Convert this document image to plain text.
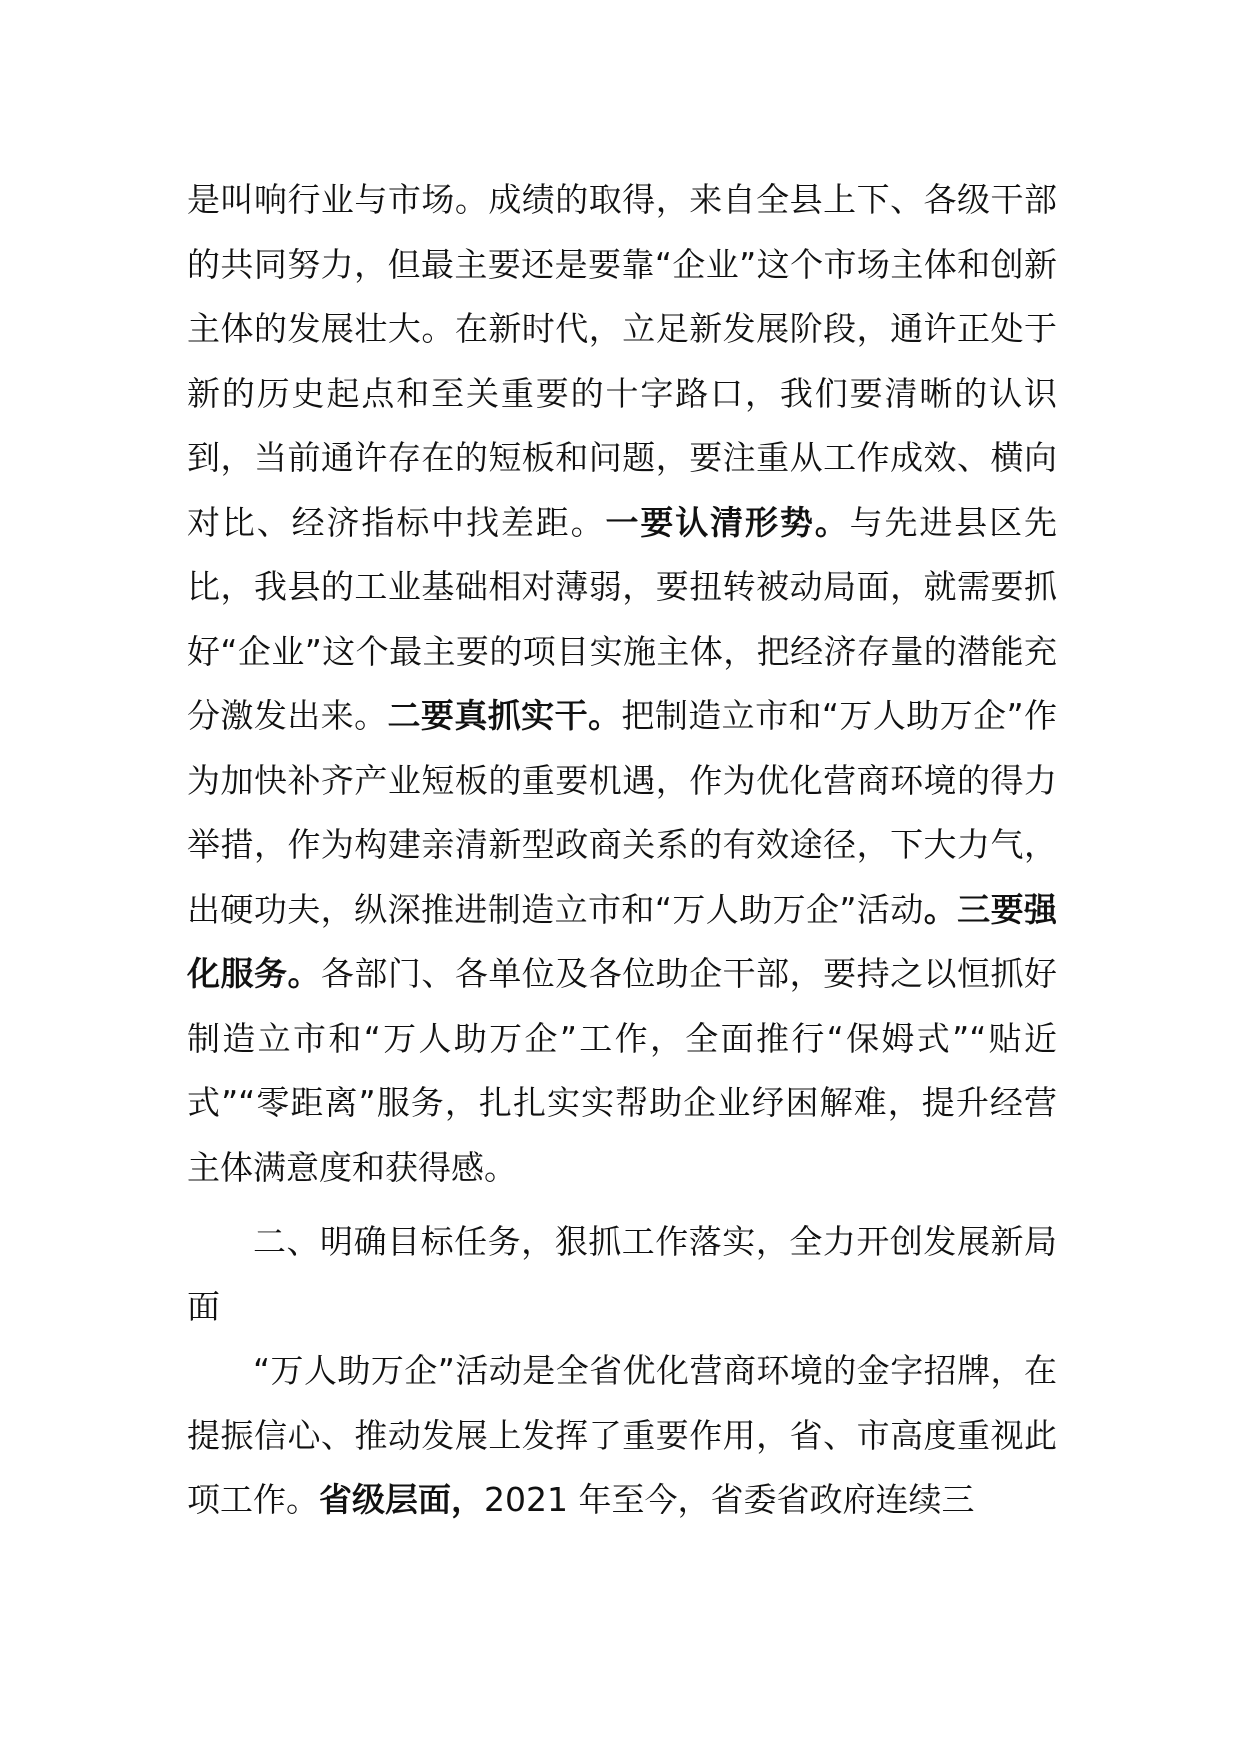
是叫响行业与市场。成绩的取得，来自全县上下、各级干部的共同努力，但最主要还是要靠“企业”这个市场主体和创新主体的发展壮大。在新时代，立足新发展阶段，通许正处于新的历史起点和至关重要的十字路口，我们要清晰的认识到，当前通许存在的短板和问题，要注重从工作成效、横向对比、经济指标中找差距。一要认清形势。与先进县区先比，我县的工业基础相对薄弱，要扭转被动局面，就需要抓好“企业”这个最主要的项目实施主体，把经济存量的潜能充分激发出来。二要真抓实干。把制造立市和“万人助万企”作为加快补齐产业短板的重要机遇，作为优化营商环境的得力举措，作为构建亲清新型政商关系的有效途径，下大力气，出硬功夫，纵深推进制造立市和“万人助万企”活动。三要强化服务。各部门、各单位及各位助企干部，要持之以恒抓好制造立市和“万人助万企”工作，全面推行“保姆式”“贴近式”“零距离”服务，扎扎实实帮助企业纾困解难，提升经营主体满意度和获得感。

二、明确目标任务，狠抓工作落实，全力开创发展新局面

“万人助万企”活动是全省优化营商环境的金字招牌，在提振信心、推动发展上发挥了重要作用，省、市高度重视此项工作。省级层面，2021 年至今，省委省政府连续三
